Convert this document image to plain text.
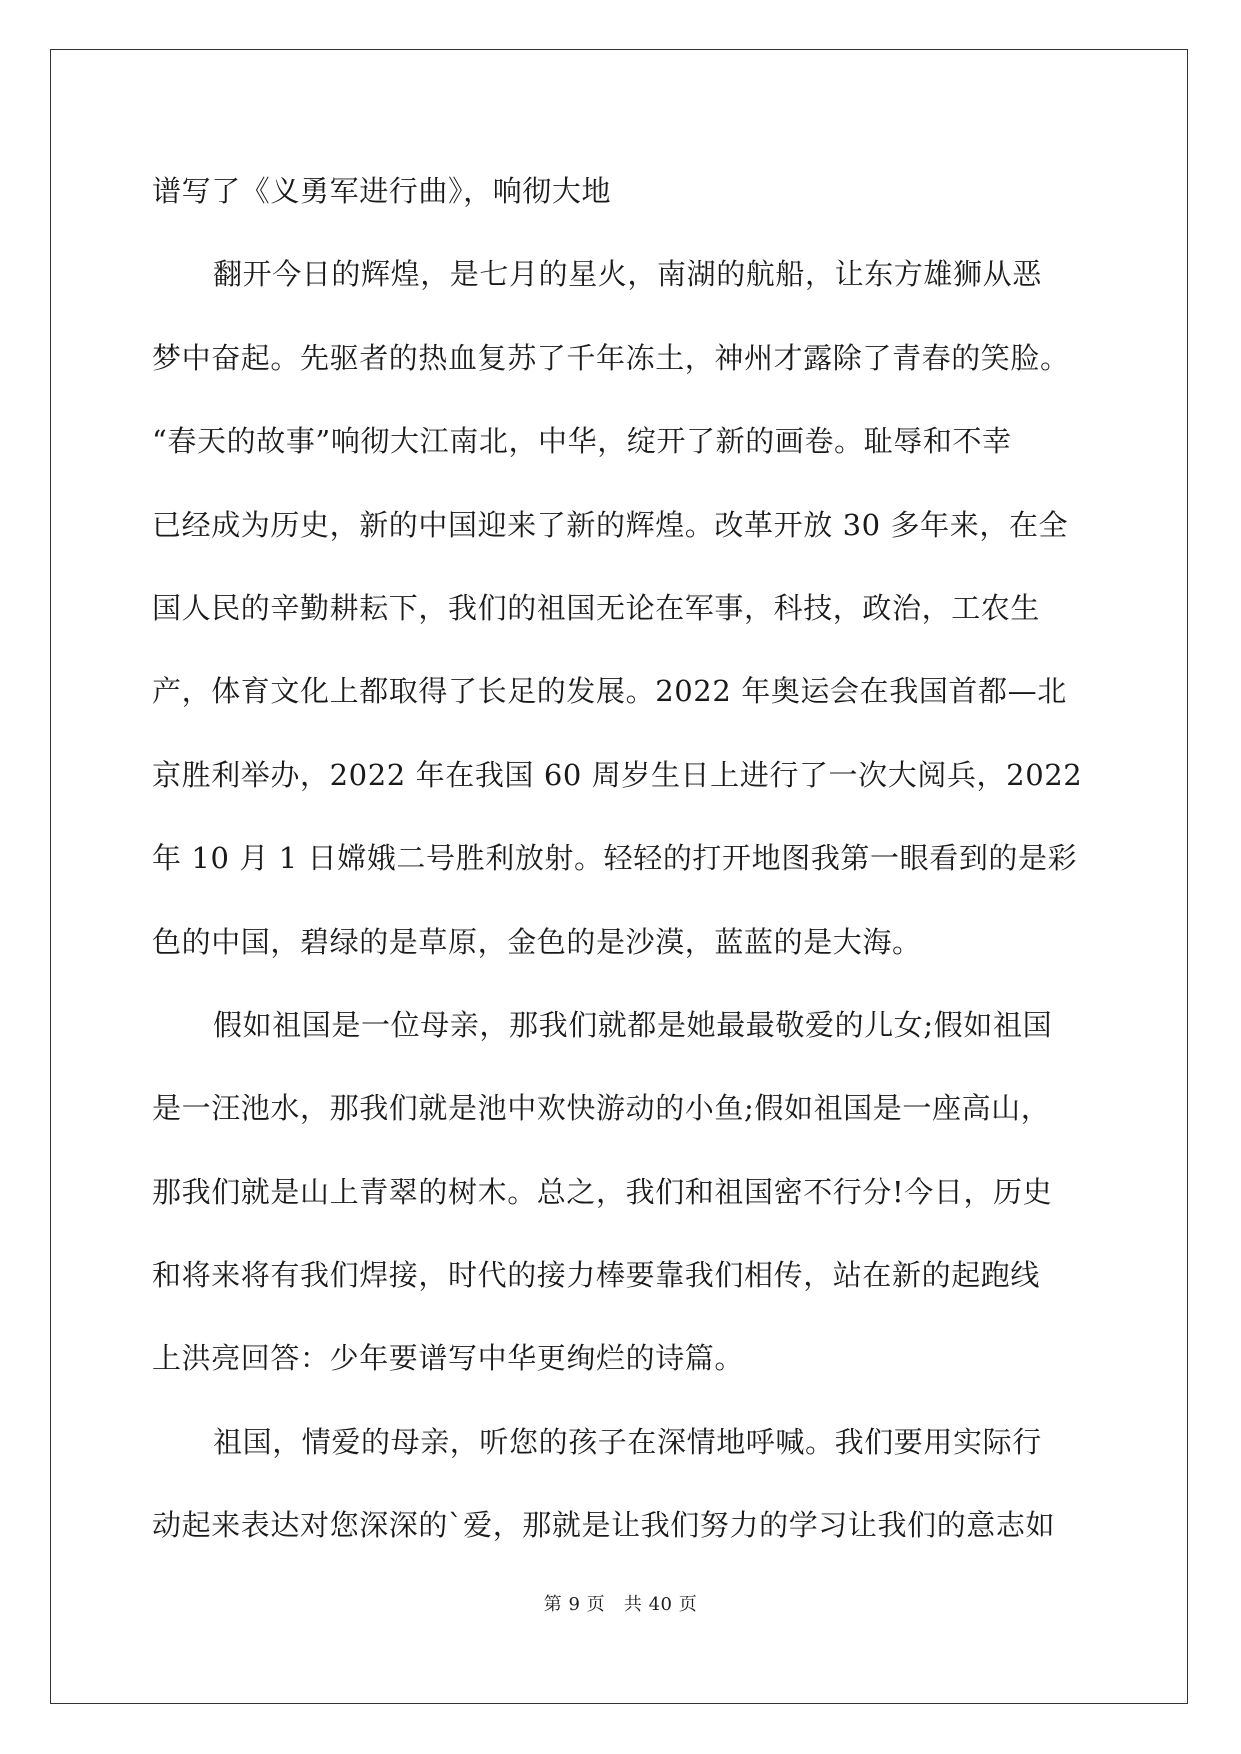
谱写了《义勇军进行曲》，响彻大地
翻开今日的辉煌，是七月的星火，南湖的航船，让东方雄狮从恶
梦中奋起。先驱者的热血复苏了千年冻土，神州才露除了青春的笑脸。
“春天的故事”响彻大江南北，中华，绽开了新的画卷。耻辱和不幸
已经成为历史，新的中国迎来了新的辉煌。改革开放 30 多年来，在全
国人民的辛勤耕耘下，我们的祖国无论在军事，科技，政治，工农生
产，体育文化上都取得了长足的发展。2022 年奥运会在我国首都—北
京胜利举办，2022 年在我国 60 周岁生日上进行了一次大阅兵，2022
年 10 月 1 日嫦娥二号胜利放射。轻轻的打开地图我第一眼看到的是彩
色的中国，碧绿的是草原，金色的是沙漠，蓝蓝的是大海。
假如祖国是一位母亲，那我们就都是她最最敬爱的儿女;假如祖国
是一汪池水，那我们就是池中欢快游动的小鱼;假如祖国是一座高山，
那我们就是山上青翠的树木。总之，我们和祖国密不行分!今日，历史
和将来将有我们焊接，时代的接力棒要靠我们相传，站在新的起跑线
上洪亮回答：少年要谱写中华更绚烂的诗篇。
祖国，情爱的母亲，听您的孩子在深情地呼喊。我们要用实际行
动起来表达对您深深的`爱，那就是让我们努力的学习让我们的意志如
第 9 页 共 40 页
